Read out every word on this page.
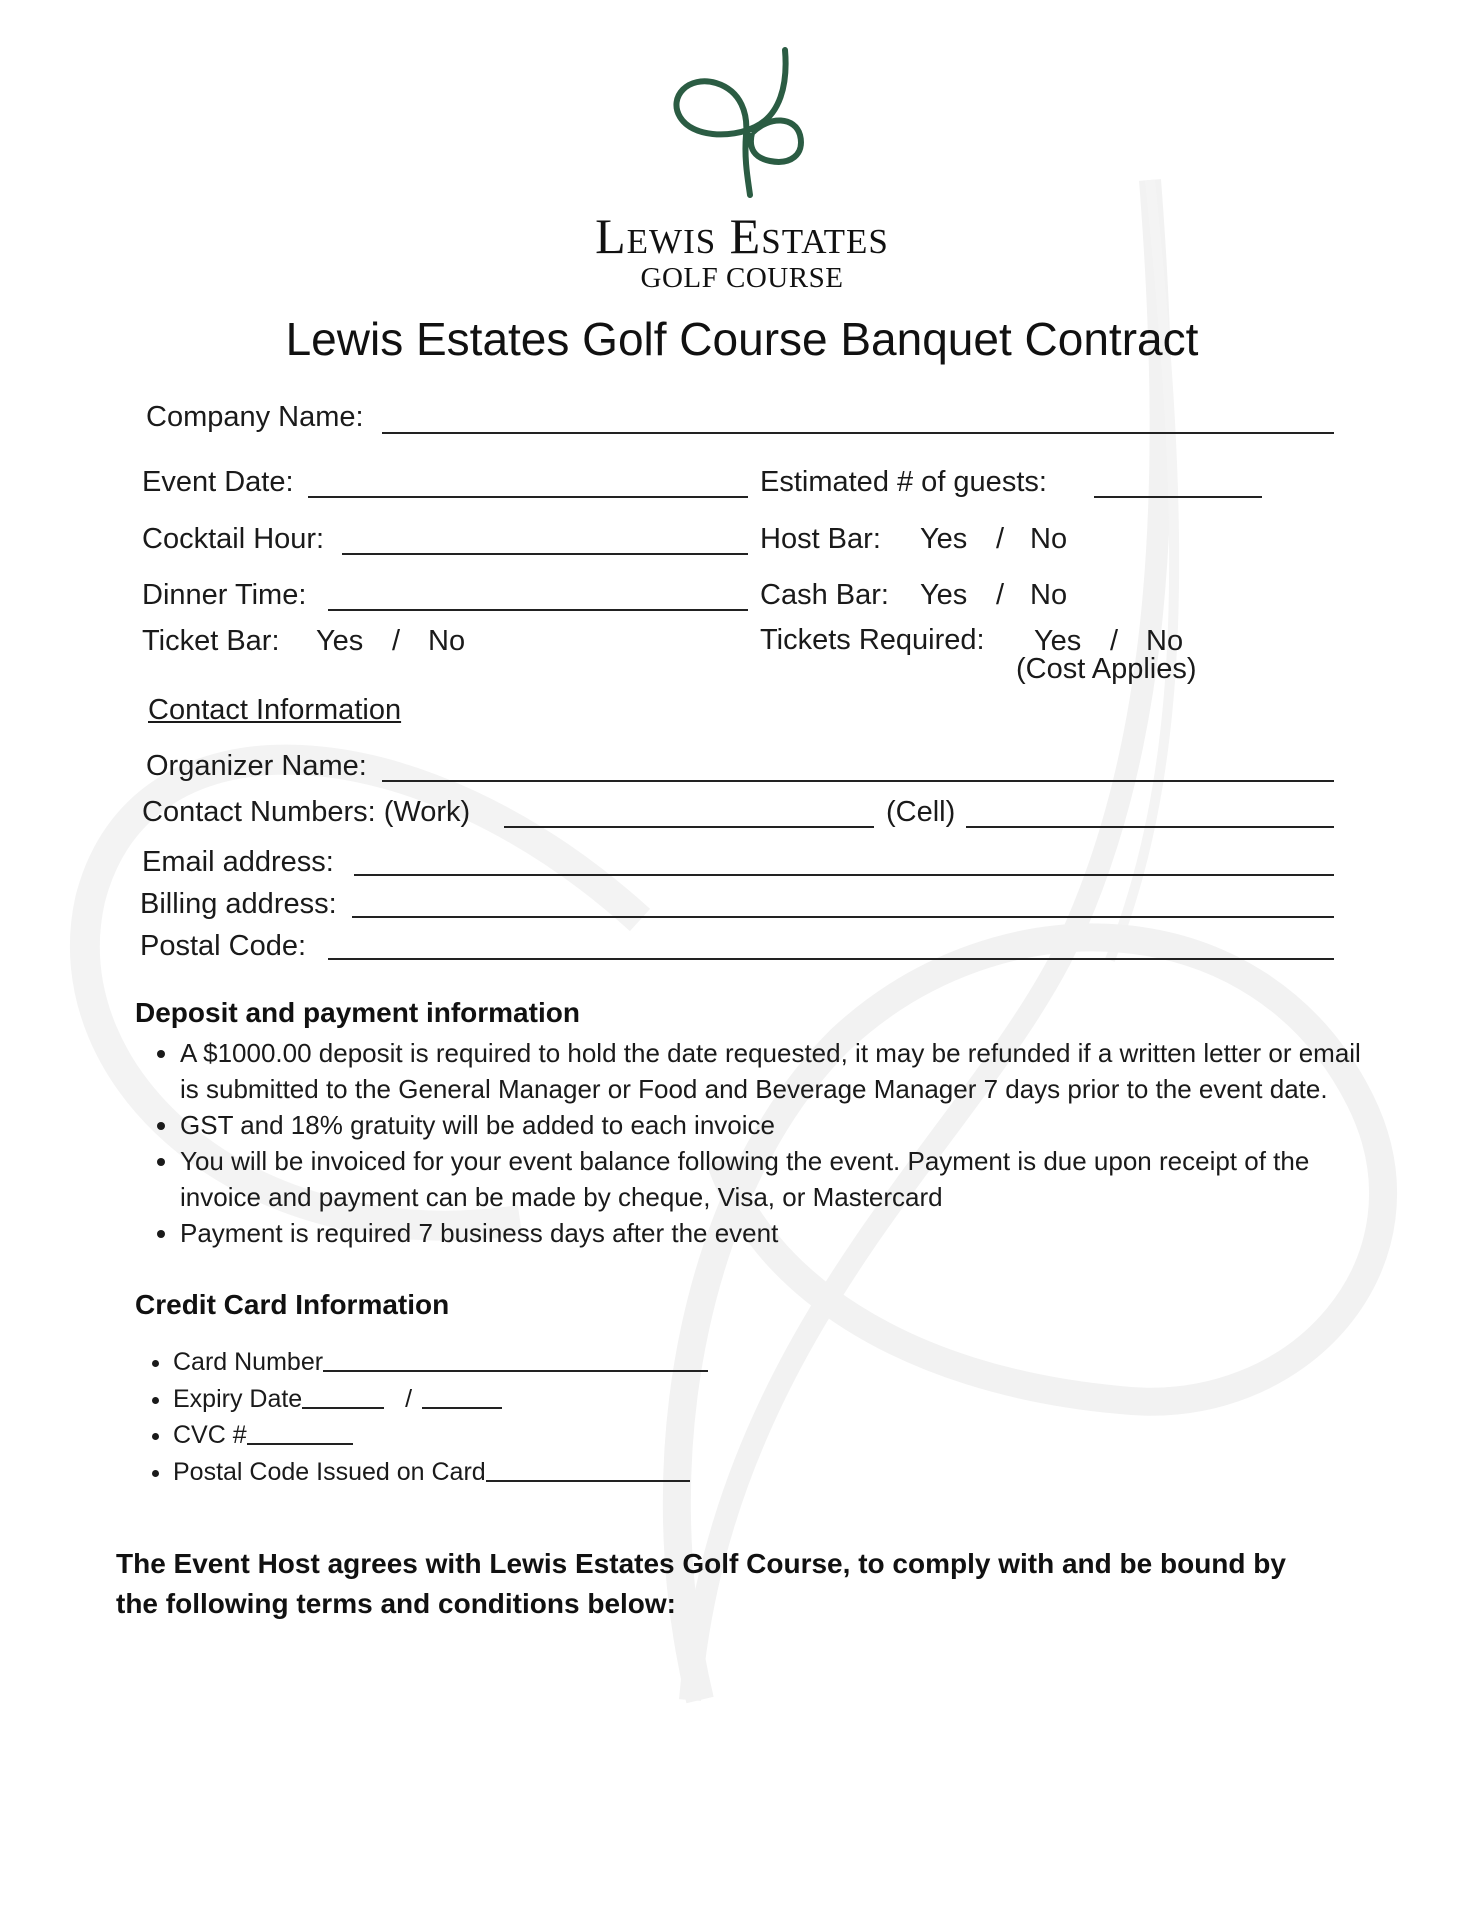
Lewis Estates
GOLF COURSE
Lewis Estates Golf Course Banquet Contract
Company Name:
Event Date:	Estimated # of guests:
Cocktail Hour:	Host Bar: Yes / No
Dinner Time:	Cash Bar: Yes / No
Ticket Bar: Yes / No	Tickets Required: Yes / No
(Cost Applies)
Contact Information
Organizer Name:
Contact Numbers: (Work)	(Cell)
Email address:
Billing address:
Postal Code:
Deposit and payment information
• A $1000.00 deposit is required to hold the date requested, it may be refunded if a written letter or email is submitted to the General Manager or Food and Beverage Manager 7 days prior to the event date.
• GST and 18% gratuity will be added to each invoice
• You will be invoiced for your event balance following the event. Payment is due upon receipt of the invoice and payment can be made by cheque, Visa, or Mastercard
• Payment is required 7 business days after the event
Credit Card Information
• Card Number
• Expiry Date	/
• CVC #
• Postal Code Issued on Card
The Event Host agrees with Lewis Estates Golf Course, to comply with and be bound by the following terms and conditions below:
